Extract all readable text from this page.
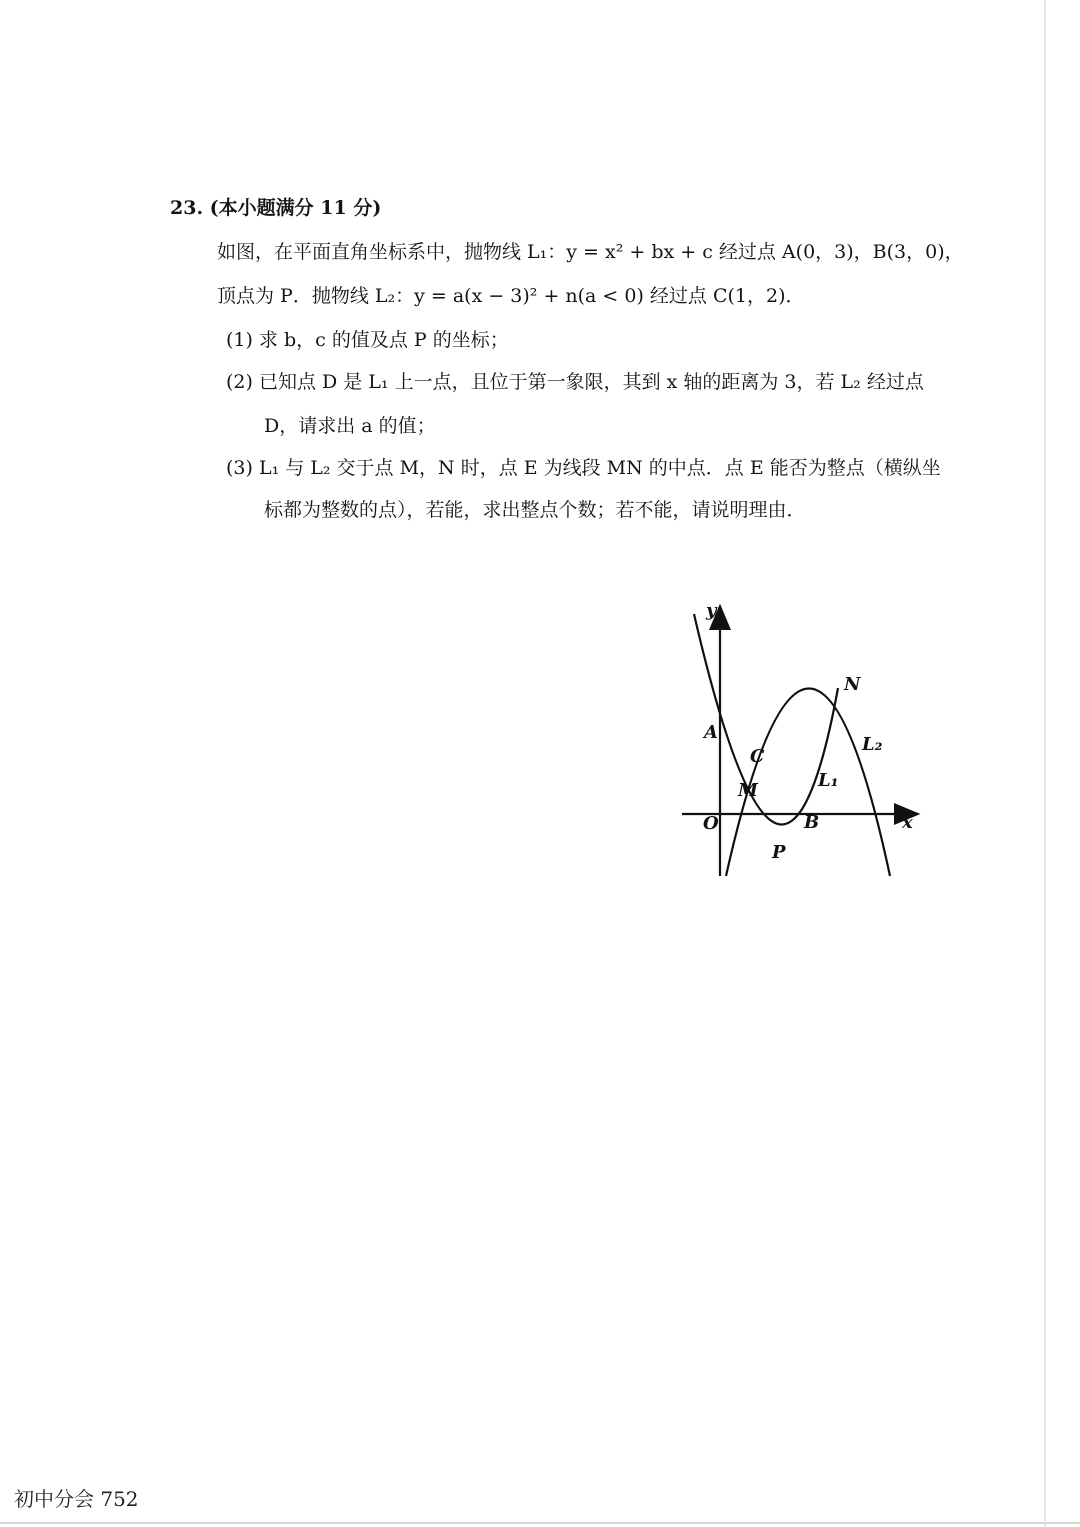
23. (本小题满分 11 分)
如图，在平面直角坐标系中，抛物线 L₁：y = x² + bx + c 经过点 A(0，3)，B(3，0)，
顶点为 P．抛物线 L₂：y = a(x − 3)² + n(a < 0) 经过点 C(1，2)．
(1) 求 b，c 的值及点 P 的坐标；
(2) 已知点 D 是 L₁ 上一点，且位于第一象限，其到 x 轴的距离为 3，若 L₂ 经过点
D，请求出 a 的值；
(3) L₁ 与 L₂ 交于点 M，N 时，点 E 为线段 MN 的中点．点 E 能否为整点（横纵坐
标都为整数的点），若能，求出整点个数；若不能，请说明理由．
y
x
O
A
C
M
N
B
P
L₁
L₂
初中分会 752
